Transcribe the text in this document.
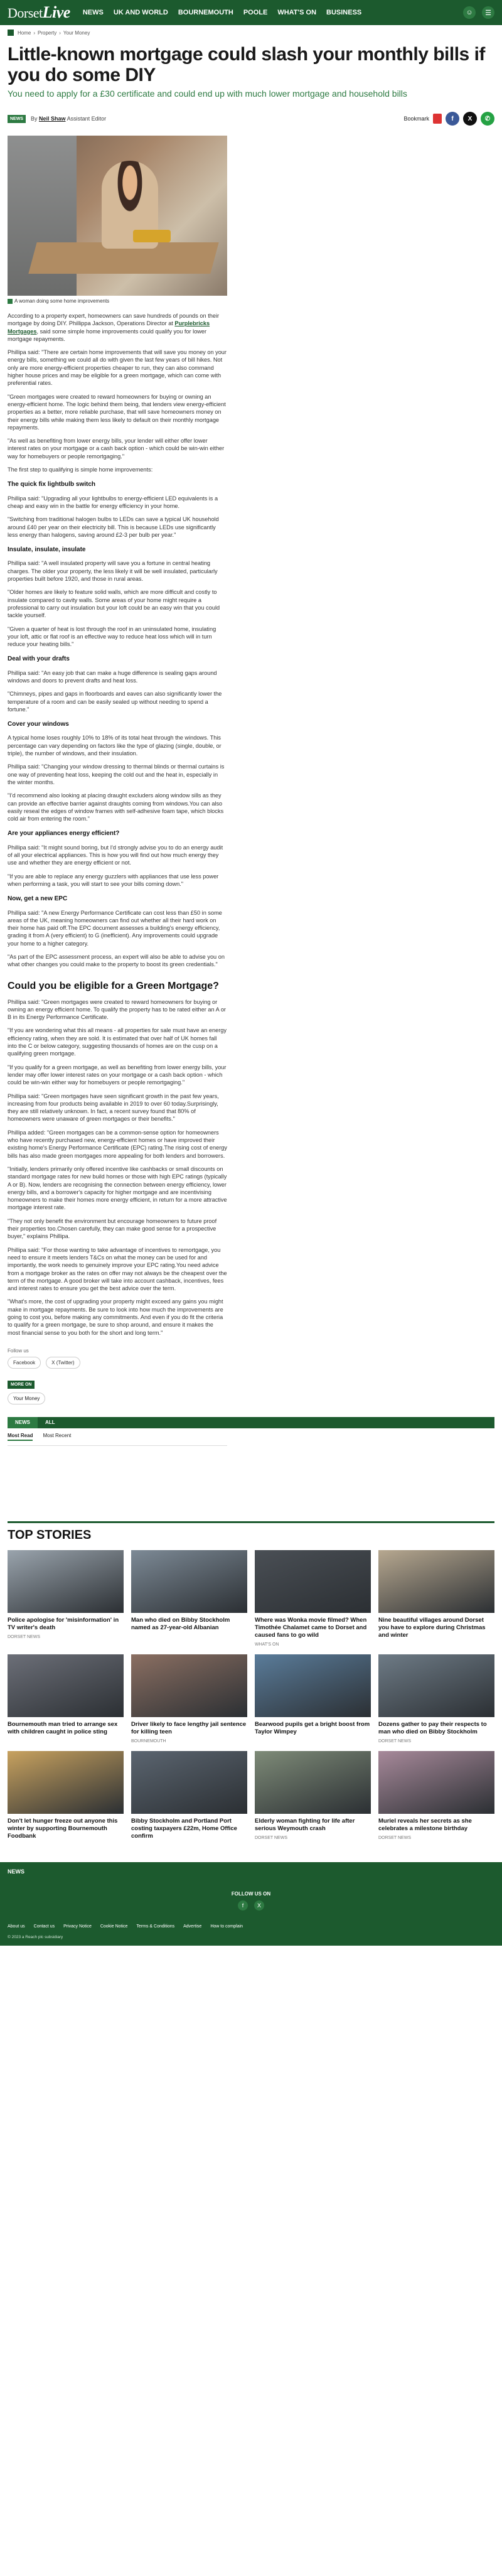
DorsetLive NEWS UK AND WORLD BOURNEMOUTH POOLE WHAT'S ON BUSINESS	☺	☰
Home › Property › Your Money
Little-known mortgage could slash your monthly bills if you do some DIY

You need to apply for a £30 certificate and could end up with much lower mortgage and household bills

NEWS	By Neil Shaw Assistant Editor	Bookmark	f	X	✆
A woman doing some home improvements

According to a property expert, homeowners can save hundreds of pounds on their mortgage by doing DIY. Phillippa Jackson, Operations Director at Purplebricks Mortgages, said some simple home improvements could qualify you for lower mortgage repayments.

Phillipa said: "There are certain home improvements that will save you money on your energy bills, something we could all do with given the last few years of bill hikes. Not only are more energy-efficient properties cheaper to run, they can also command higher house prices and may be eligible for a green mortgage, which can come with preferential rates.

"Green mortgages were created to reward homeowners for buying or owning an energy-efficient home. The logic behind them being, that lenders view energy-efficient properties as a better, more reliable purchase, that will save homeowners money on their energy bills while making them less likely to default on their monthly mortgage repayments.

"As well as benefiting from lower energy bills, your lender will either offer lower interest rates on your mortgage or a cash back option - which could be win-win either way for homebuyers or people remortgaging."

The first step to qualifying is simple home improvements:

The quick fix lightbulb switch

Phillipa said: "Upgrading all your lightbulbs to energy-efficient LED equivalents is a cheap and easy win in the battle for energy efficiency in your home.

"Switching from traditional halogen bulbs to LEDs can save a typical UK household around £40 per year on their electricity bill. This is because LEDs use significantly less energy than halogens, saving around £2-3 per bulb per year."

Insulate, insulate, insulate

Phillipa said: "A well insulated property will save you a fortune in central heating charges. The older your property, the less likely it will be well insulated, particularly properties built before 1920, and those in rural areas.

"Older homes are likely to feature solid walls, which are more difficult and costly to insulate compared to cavity walls. Some areas of your home might require a professional to carry out insulation but your loft could be an easy win that you could tackle yourself.

"Given a quarter of heat is lost through the roof in an uninsulated home, insulating your loft, attic or flat roof is an effective way to reduce heat loss which will in turn reduce your heating bills."

Deal with your drafts

Phillipa said: "An easy job that can make a huge difference is sealing gaps around windows and doors to prevent drafts and heat loss.

"Chimneys, pipes and gaps in floorboards and eaves can also significantly lower the temperature of a room and can be easily sealed up without needing to spend a fortune."

Cover your windows

A typical home loses roughly 10% to 18% of its total heat through the windows. This percentage can vary depending on factors like the type of glazing (single, double, or triple), the number of windows, and their insulation.

Phillipa said: "Changing your window dressing to thermal blinds or thermal curtains is one way of preventing heat loss, keeping the cold out and the heat in, especially in the winter months.

"I'd recommend also looking at placing draught excluders along window sills as they can provide an effective barrier against draughts coming from windows.You can also easily reseal the edges of window frames with self-adhesive foam tape, which blocks cold air from entering the room."

Are your appliances energy efficient?

Phillipa said: "It might sound boring, but I'd strongly advise you to do an energy audit of all your electrical appliances. This is how you will find out how much energy they use and whether they are energy efficient or not.

"If you are able to replace any energy guzzlers with appliances that use less power when performing a task, you will start to see your bills coming down."

Now, get a new EPC

Phillipa said: "A new Energy Performance Certificate can cost less than £50 in some areas of the UK, meaning homeowners can find out whether all their hard work on their home has paid off.The EPC document assesses a building's energy efficiency, grading it from A (very efficient) to G (inefficient). Any improvements could upgrade your home to a higher category.

"As part of the EPC assessment process, an expert will also be able to advise you on what other changes you could make to the property to boost its green credentials."

Could you be eligible for a Green Mortgage?

Phillipa said: "Green mortgages were created to reward homeowners for buying or owning an energy efficient home. To qualify the property has to be rated either an A or B in its Energy Performance Certificate.

"If you are wondering what this all means - all properties for sale must have an energy efficiency rating, when they are sold. It is estimated that over half of UK homes fall into the C or below category, suggesting thousands of homes are on the cusp on a qualifying green mortgage.

"If you qualify for a green mortgage, as well as benefiting from lower energy bills, your lender may offer lower interest rates on your mortgage or a cash back option - which could be win-win either way for homebuyers or people remortgaging."

Phillipa said: "Green mortgages have seen significant growth in the past few years, increasing from four products being available in 2019 to over 60 today.Surprisingly, they are still relatively unknown. In fact, a recent survey found that 80% of homeowners were unaware of green mortgages or their benefits."

Phillipa added: "Green mortgages can be a common-sense option for homeowners who have recently purchased new, energy-efficient homes or have improved their existing home's Energy Performance Certificate (EPC) rating.The rising cost of energy bills has also made green mortgages more appealing for both lenders and borrowers.

"Initially, lenders primarily only offered incentive like cashbacks or small discounts on standard mortgage rates for new build homes or those with high EPC ratings (typically A or B). Now, lenders are recognising the connection between energy efficiency, lower energy bills, and a borrower's capacity for higher mortgage and are incentivising homeowners to make their homes more energy efficient, in return for a more attractive mortgage interest rate.

"They not only benefit the environment but encourage homeowners to future proof their properties too.Chosen carefully, they can make good sense for a prospective buyer," explains Phillipa.

Phillipa said: "For those wanting to take advantage of incentives to remortgage, you need to ensure it meets lenders T&Cs on what the money can be used for and importantly, the work needs to genuinely improve your EPC rating.You need advice from a mortgage broker as the rates on offer may not always be the cheapest over the term of the mortgage. A good broker will take into account cashback, incentives, fees and interest rates to ensure you get the best advice over the term.

"What's more, the cost of upgrading your property might exceed any gains you might make in mortgage repayments. Be sure to look into how much the improvements are going to cost you, before making any commitments. And even if you do fit the criteria to qualify for a green mortgage, be sure to shop around, and ensure it makes the most financial sense to you both for the short and long term."

Follow us
Facebook	X (Twitter)
MORE ON
Your Money
NEWS	ALL
Most Read Most Recent
TOP STORIES
Police apologise for 'misinformation' in TV writer's death
DORSET NEWS
Man who died on Bibby Stockholm named as 27-year-old Albanian
Where was Wonka movie filmed? When Timothée Chalamet came to Dorset and caused fans to go wild
WHAT'S ON
Nine beautiful villages around Dorset you have to explore during Christmas and winter
Bournemouth man tried to arrange sex with children caught in police sting
Driver likely to face lengthy jail sentence for killing teen
BOURNEMOUTH
Bearwood pupils get a bright boost from Taylor Wimpey
Dozens gather to pay their respects to man who died on Bibby Stockholm
DORSET NEWS
Don't let hunger freeze out anyone this winter by supporting Bournemouth Foodbank
Bibby Stockholm and Portland Port costing taxpayers £22m, Home Office confirm
Elderly woman fighting for life after serious Weymouth crash
DORSET NEWS
Muriel reveals her secrets as she celebrates a milestone birthday
DORSET NEWS
NEWS
FOLLOW US ON
f	X
About us Contact us Privacy Notice Cookie Notice Terms & Conditions Advertise How to complain
© 2023 a Reach plc subsidiary
